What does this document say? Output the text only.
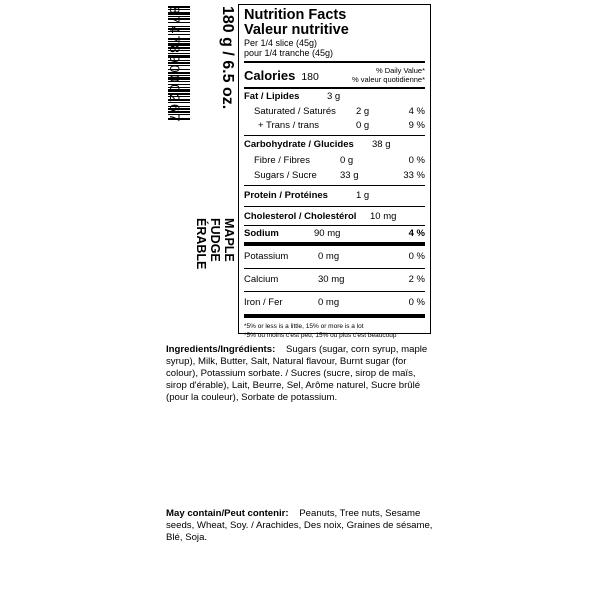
874789000267 180 g / 6.5 oz.
MAPLE
FUDGE
ÉRABLE
Nutrition Facts
Valeur nutritive
Per 1/4 slice (45g)
pour 1/4 tranche (45g)
Calories 180	% Daily Value*
% valeur quotidienne*
Fat / Lipides	3 g
Saturated / Saturés 2 g	4 %
+ Trans / trans	0 g	9 %
Carbohydrate / Glucides 38 g
Fibre / Fibres	0 g	0 %
Sugars / Sucre 33 g	33 %
Protein / Protéines	1 g
Cholesterol / Cholestérol 10 mg
Sodium	90 mg	4 %
Potassium	0 mg	0 %
Calcium	30 mg	2 %
Iron / Fer	0 mg	0 %
*5% or less is a little, 15% or more is a lot
*5% ou moins c'est peu, 15% ou plus c'est beaucoup
Ingredients/Ingrédients: Sugars (sugar, corn syrup, maple syrup), Milk, Butter, Salt, Natural flavour, Burnt sugar (for colour), Potassium sorbate. / Sucres (sucre, sirop de maïs, sirop d'érable), Lait, Beurre, Sel, Arôme naturel, Sucre brûlé (pour la couleur), Sorbate de potassium.
May contain/Peut contenir: Peanuts, Tree nuts, Sesame seeds, Wheat, Soy. / Arachides, Des noix, Graines de sésame, Blé, Soja.
